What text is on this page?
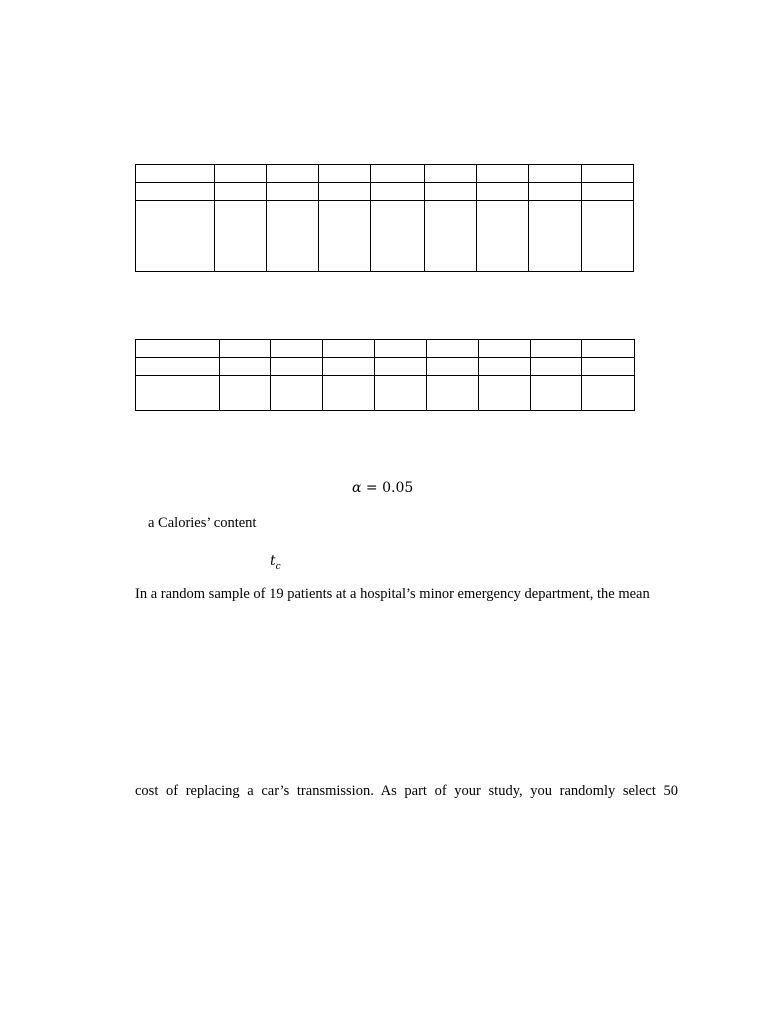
α = 0.05
a Calories’ content
$t_c$
In a random sample of 19 patients at a hospital’s minor emergency department, the mean
cost of replacing a car’s transmission. As part of your study, you randomly select 50
